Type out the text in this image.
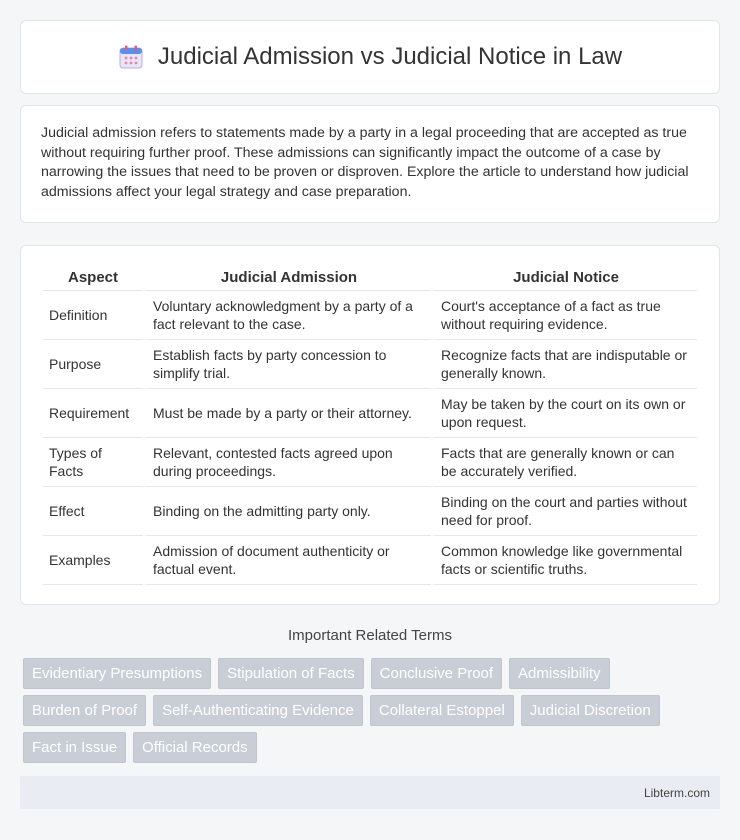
Judicial Admission vs Judicial Notice in Law

Judicial admission refers to statements made by a party in a legal proceeding that are accepted as true without requiring further proof. These admissions can significantly impact the outcome of a case by narrowing the issues that need to be proven or disproven. Explore the article to understand how judicial admissions affect your legal strategy and case preparation.

Aspect	Judicial Admission	Judicial Notice
Definition	Voluntary acknowledgment by a party of a fact relevant to the case.	Court's acceptance of a fact as true without requiring evidence.
Purpose	Establish facts by party concession to simplify trial.	Recognize facts that are indisputable or generally known.
Requirement	Must be made by a party or their attorney.	May be taken by the court on its own or upon request.
Types of Facts	Relevant, contested facts agreed upon during proceedings.	Facts that are generally known or can be accurately verified.
Effect	Binding on the admitting party only.	Binding on the court and parties without need for proof.
Examples	Admission of document authenticity or factual event.	Common knowledge like governmental facts or scientific truths.
Important Related Terms
Evidentiary Presumptions	Stipulation of Facts	Conclusive Proof	Admissibility
Burden of Proof	Self-Authenticating Evidence	Collateral Estoppel	Judicial Discretion
Fact in Issue	Official Records
Libterm.com
